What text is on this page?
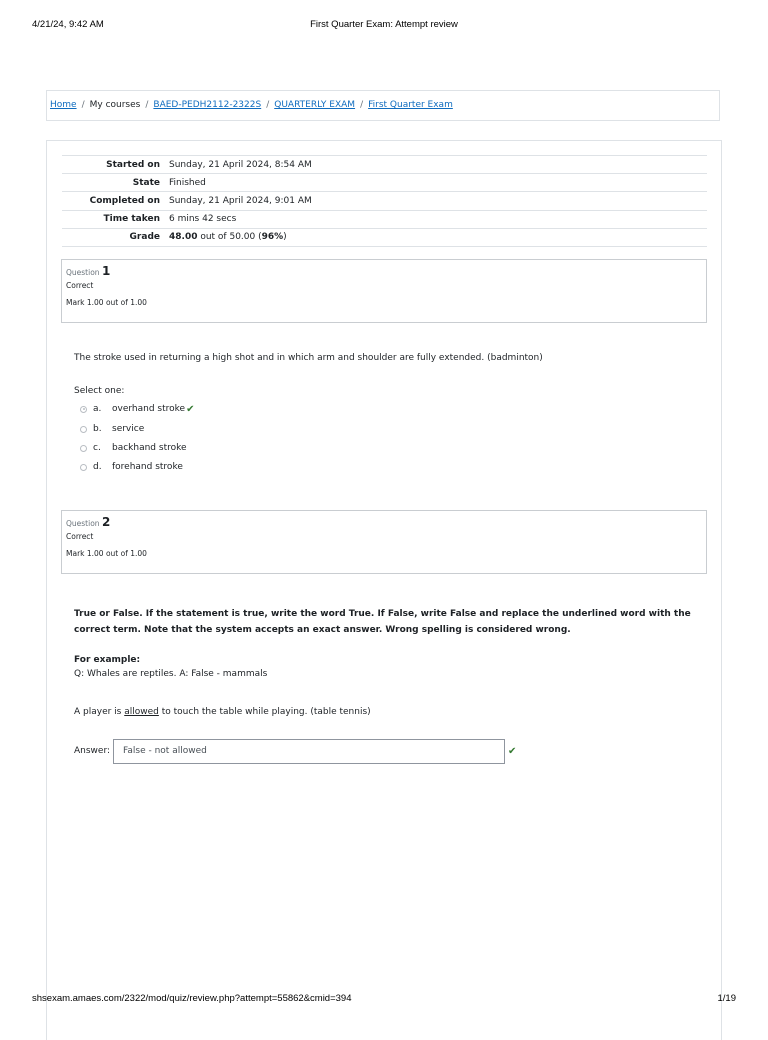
4/21/24, 9:42 AM	First Quarter Exam: Attempt review
Home / My courses / BAED-PEDH2112-2322S / QUARTERLY EXAM / First Quarter Exam
Started on	Sunday, 21 April 2024, 8:54 AM
State	Finished
Completed on	Sunday, 21 April 2024, 9:01 AM
Time taken	6 mins 42 secs
Grade	48.00 out of 50.00 (96%)
Question 1
Correct
Mark 1.00 out of 1.00
The stroke used in returning a high shot and in which arm and shoulder are fully extended. (badminton)
Select one:
a.	overhand stroke ✔
b.	service
c.	backhand stroke
d.	forehand stroke
Question 2
Correct
Mark 1.00 out of 1.00
True or False. If the statement is true, write the word True. If False, write False and replace the underlined word with the correct term. Note that the system accepts an exact answer. Wrong spelling is considered wrong.
For example:
Q: Whales are reptiles. A: False - mammals
A player is allowed to touch the table while playing. (table tennis)
Answer:	False - not allowed	✔
shsexam.amaes.com/2322/mod/quiz/review.php?attempt=55862&cmid=394	1/19
